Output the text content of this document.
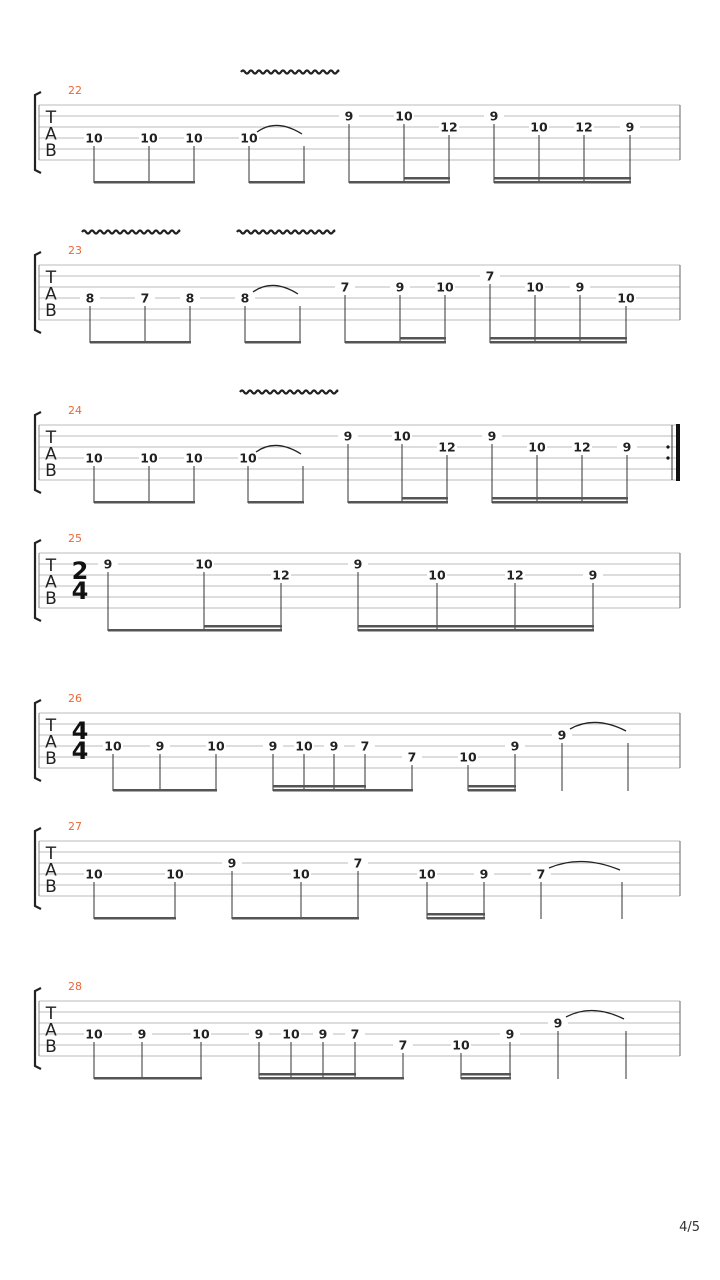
T
A
B
22
10	10 10	10
9	10
12
9
10 12	9
T
A
B
23
8	7	8	8
7	9	10
7
10	9
10
T
A
B
24
10	10 10	10
9	10
12
9
10 12	9
T
A
B
25
2
4
9	10
12
9
10	12	9
T
A
B
26
4
4 10	9	10	9 10 9 7
7	10
9
9
T
A
B
27
10	10
9
10
7
10	9	7
T
A
B
28
10	9	10	9 10 9 7
7	10
9
9
4/5
